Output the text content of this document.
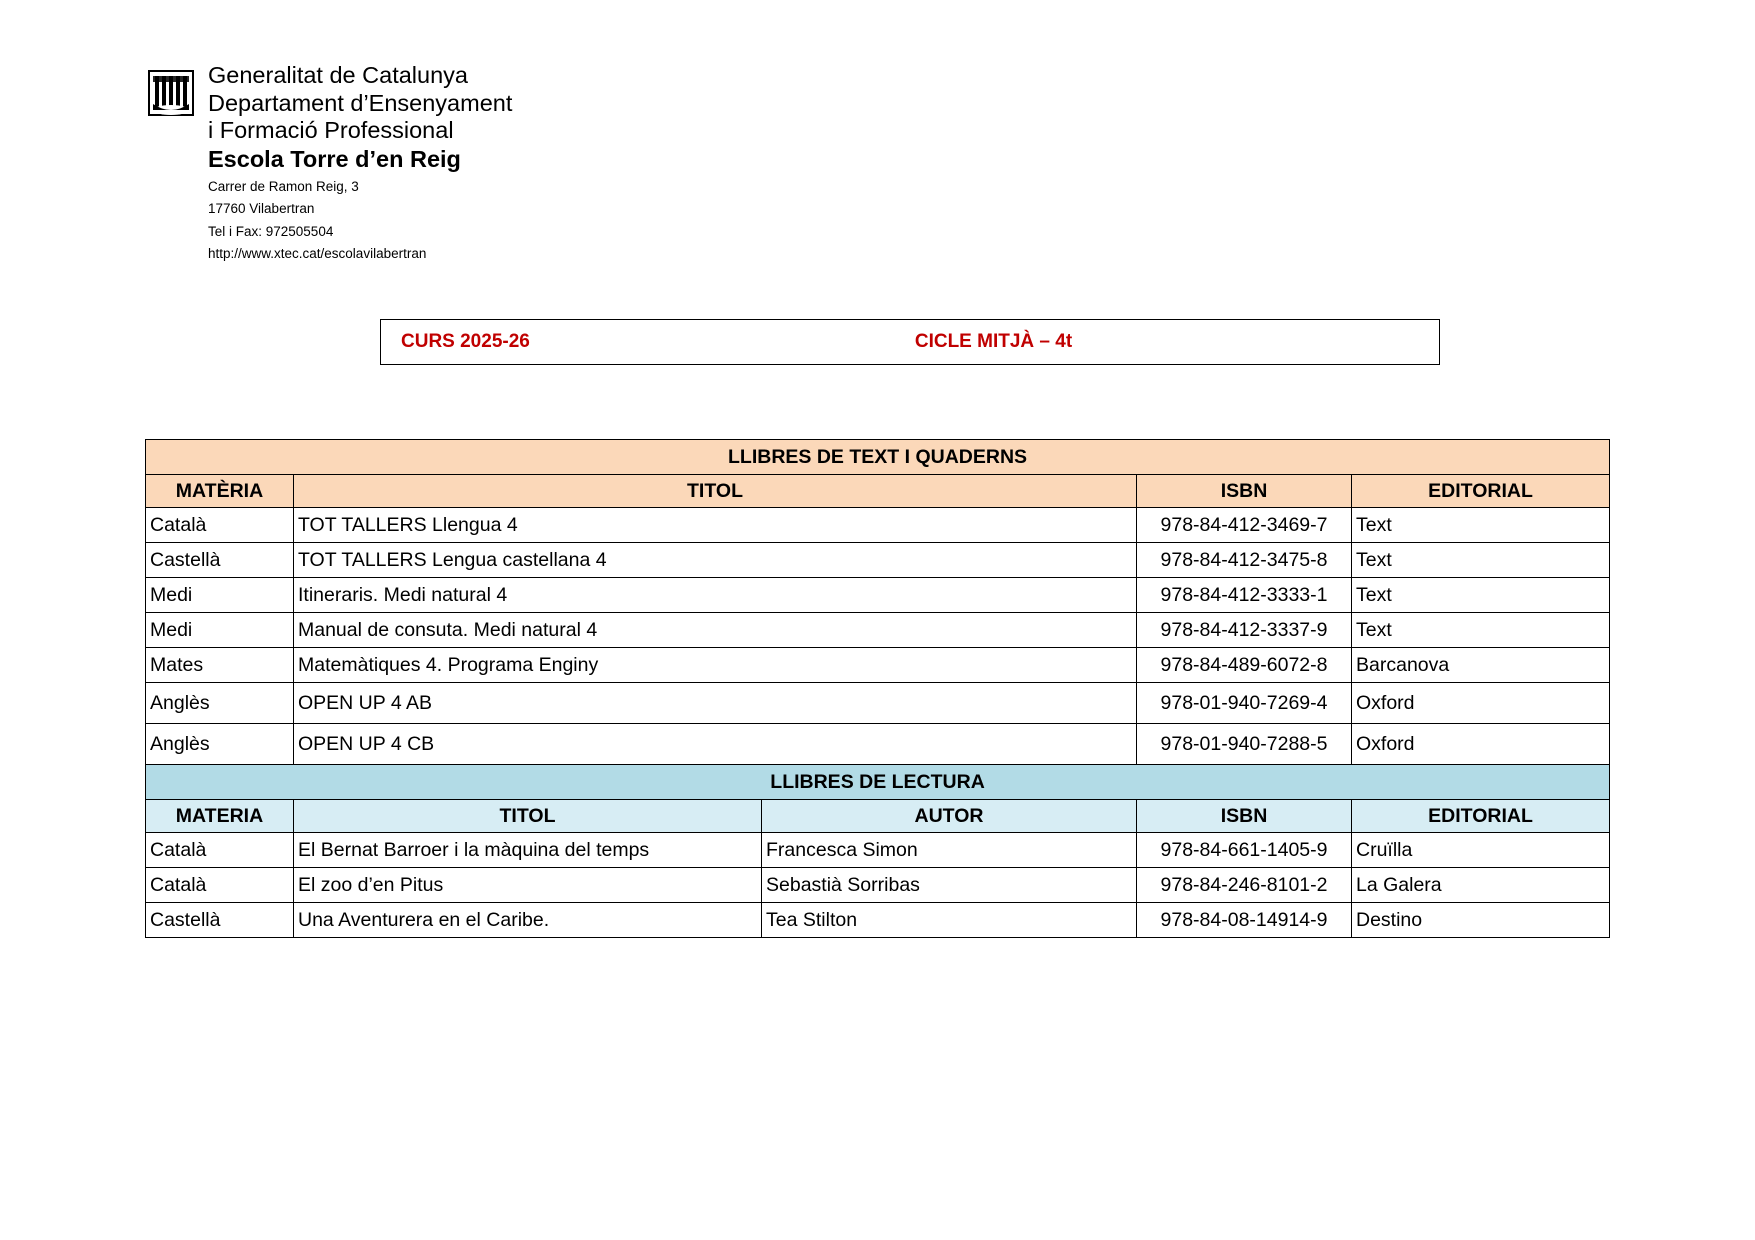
Generalitat de Catalunya
Departament d’Ensenyament
i Formació Professional
Escola Torre d’en Reig
Carrer de Ramon Reig, 3
17760 Vilabertran
Tel i Fax: 972505504
http://www.xtec.cat/escolavilabertran
CURS 2025-26	CICLE MITJÀ – 4t
LLIBRES DE TEXT I QUADERNS				
MATÈRIA	TITOL		ISBN	EDITORIAL
Català	TOT TALLERS Llengua 4		978-84-412-3469-7	Text
Castellà	TOT TALLERS Lengua castellana 4		978-84-412-3475-8	Text
Medi	Itineraris. Medi natural 4		978-84-412-3333-1	Text
Medi	Manual de consuta. Medi natural 4		978-84-412-3337-9	Text
Mates	Matemàtiques 4. Programa Enginy		978-84-489-6072-8	Barcanova
Anglès	OPEN UP 4 AB		978-01-940-7269-4	Oxford
Anglès	OPEN UP 4 CB		978-01-940-7288-5	Oxford
LLIBRES DE LECTURA				
MATERIA	TITOL	AUTOR	ISBN	EDITORIAL
Català	El Bernat Barroer i la màquina del temps	Francesca Simon	978-84-661-1405-9	Cruïlla
Català	El zoo d’en Pitus	Sebastià Sorribas	978-84-246-8101-2	La Galera
Castellà	Una Aventurera en el Caribe.	Tea Stilton	978-84-08-14914-9	Destino
